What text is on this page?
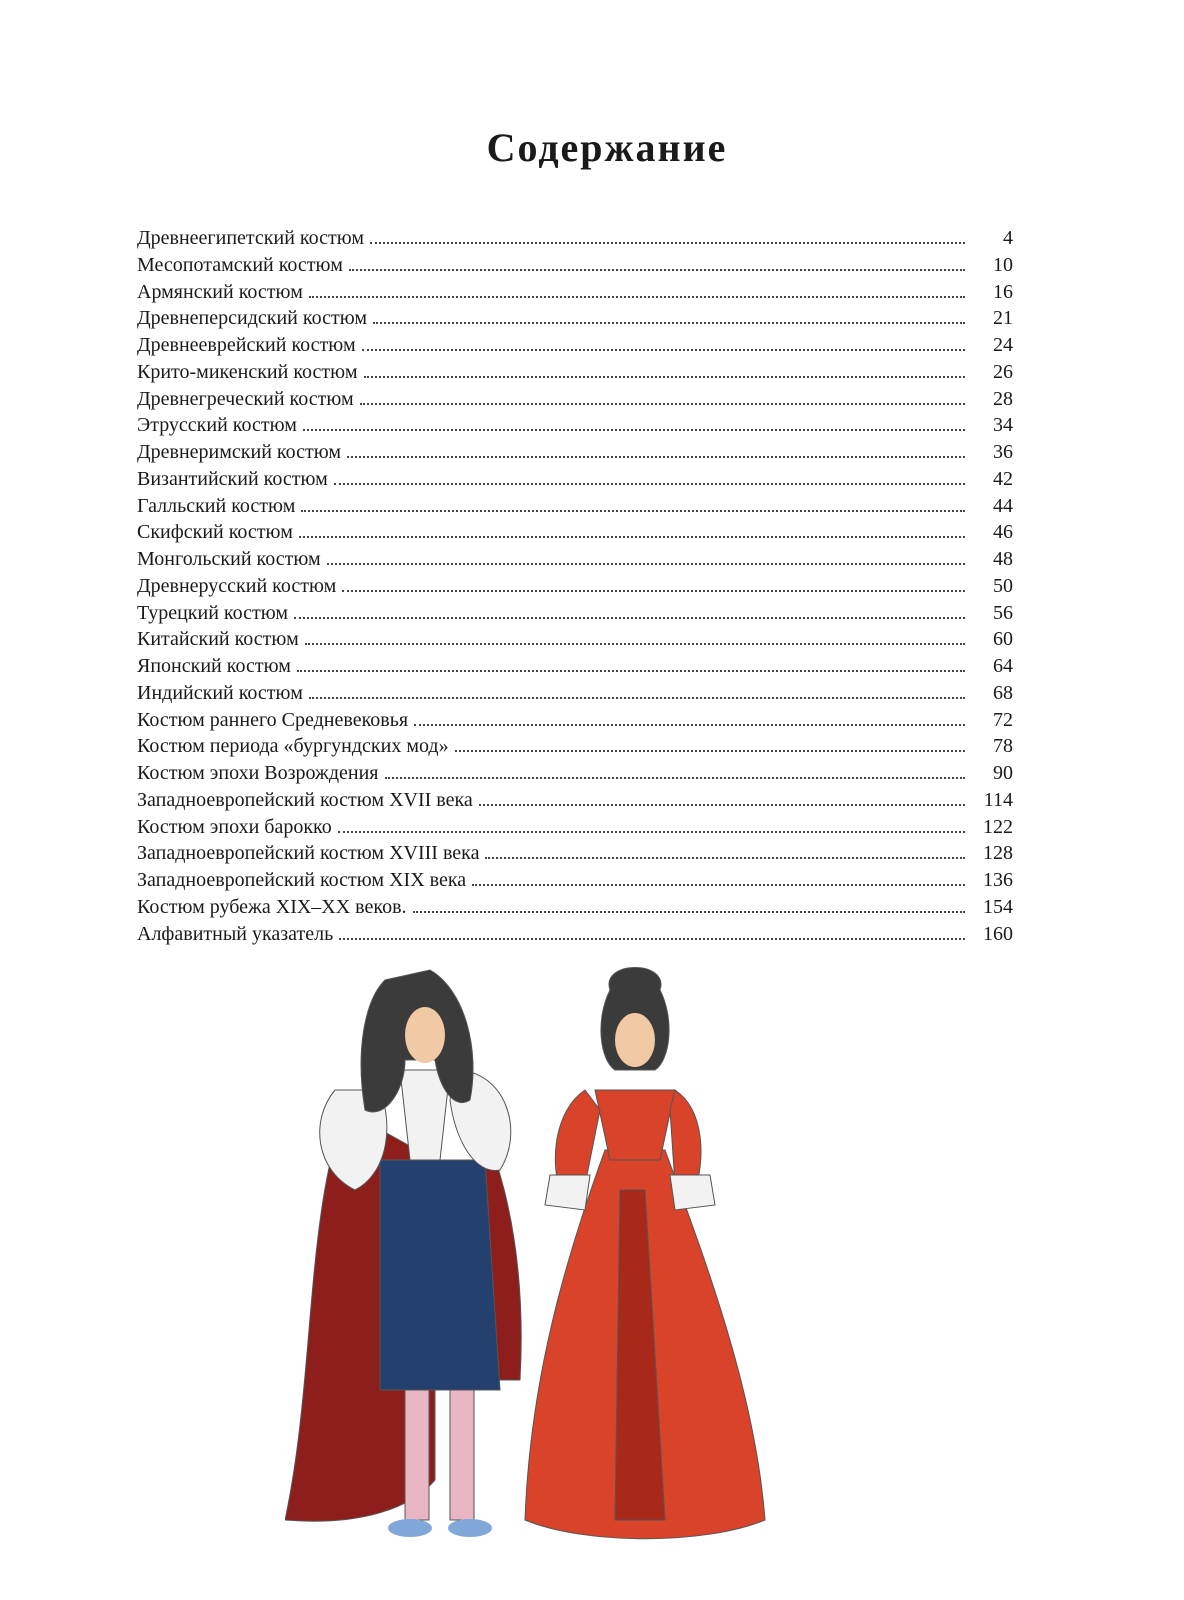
Содержание
Древнеегипетский костюм	4
Месопотамский костюм	10
Армянский костюм	16
Древнеперсидский костюм	21
Древнееврейский костюм	24
Крито-микенский костюм	26
Древнегреческий костюм	28
Этрусский костюм	34
Древнеримский костюм	36
Византийский костюм	42
Галльский костюм	44
Скифский костюм	46
Монгольский костюм	48
Древнерусский костюм	50
Турецкий костюм	56
Китайский костюм	60
Японский костюм	64
Индийский костюм	68
Костюм раннего Средневековья	72
Костюм периода «бургундских мод»	78
Костюм эпохи Возрождения	90
Западноевропейский костюм XVII века	114
Костюм эпохи барокко	122
Западноевропейский костюм XVIII века	128
Западноевропейский костюм XIX века	136
Костюм рубежа XIX–XX веков.	154
Алфавитный указатель	160
